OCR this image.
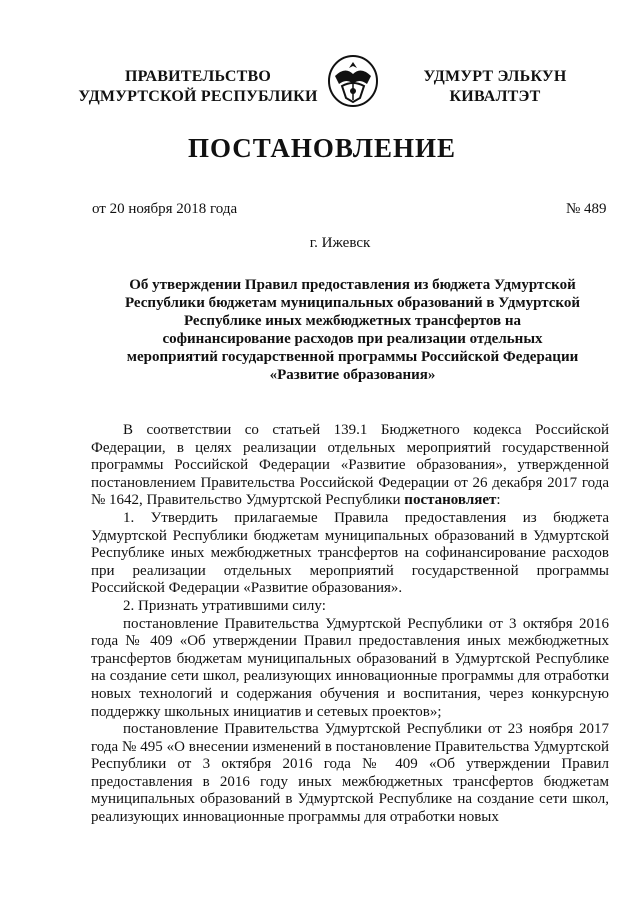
ПРАВИТЕЛЬСТВО
УДМУРТСКОЙ РЕСПУБЛИКИ
УДМУРТ ЭЛЬКУН
КИВАЛТЭТ
ПОСТАНОВЛЕНИЕ
от 20 ноября 2018 года	№ 489
г. Ижевск
Об утверждении Правил предоставления из бюджета Удмуртской Республики бюджетам муниципальных образований в Удмуртской Республике иных межбюджетных трансфертов на софинансирование расходов при реализации отдельных мероприятий государственной программы Российской Федерации «Развитие образования»

В соответствии со статьей 139.1 Бюджетного кодекса Российской Федерации, в целях реализации отдельных мероприятий государственной программы Российской Федерации «Развитие образования», утвержденной постановлением Правительства Российской Федерации от 26 декабря 2017 года № 1642, Правительство Удмуртской Республики постановляет:

1. Утвердить прилагаемые Правила предоставления из бюджета Удмуртской Республики бюджетам муниципальных образований в Удмуртской Республике иных межбюджетных трансфертов на софинансирование расходов при реализации отдельных мероприятий государственной программы Российской Федерации «Развитие образования».

2. Признать утратившими силу:

постановление Правительства Удмуртской Республики от 3 октября 2016 года № 409 «Об утверждении Правил предоставления иных межбюджетных трансфертов бюджетам муниципальных образований в Удмуртской Республике на создание сети школ, реализующих инновационные программы для отработки новых технологий и содержания обучения и воспитания, через конкурсную поддержку школьных инициатив и сетевых проектов»;

постановление Правительства Удмуртской Республики от 23 ноября 2017 года № 495 «О внесении изменений в постановление Правительства Удмуртской Республики от 3 октября 2016 года № 409 «Об утверждении Правил предоставления в 2016 году иных межбюджетных трансфертов бюджетам муниципальных образований в Удмуртской Республике на создание сети школ, реализующих инновационные программы для отработки новых
